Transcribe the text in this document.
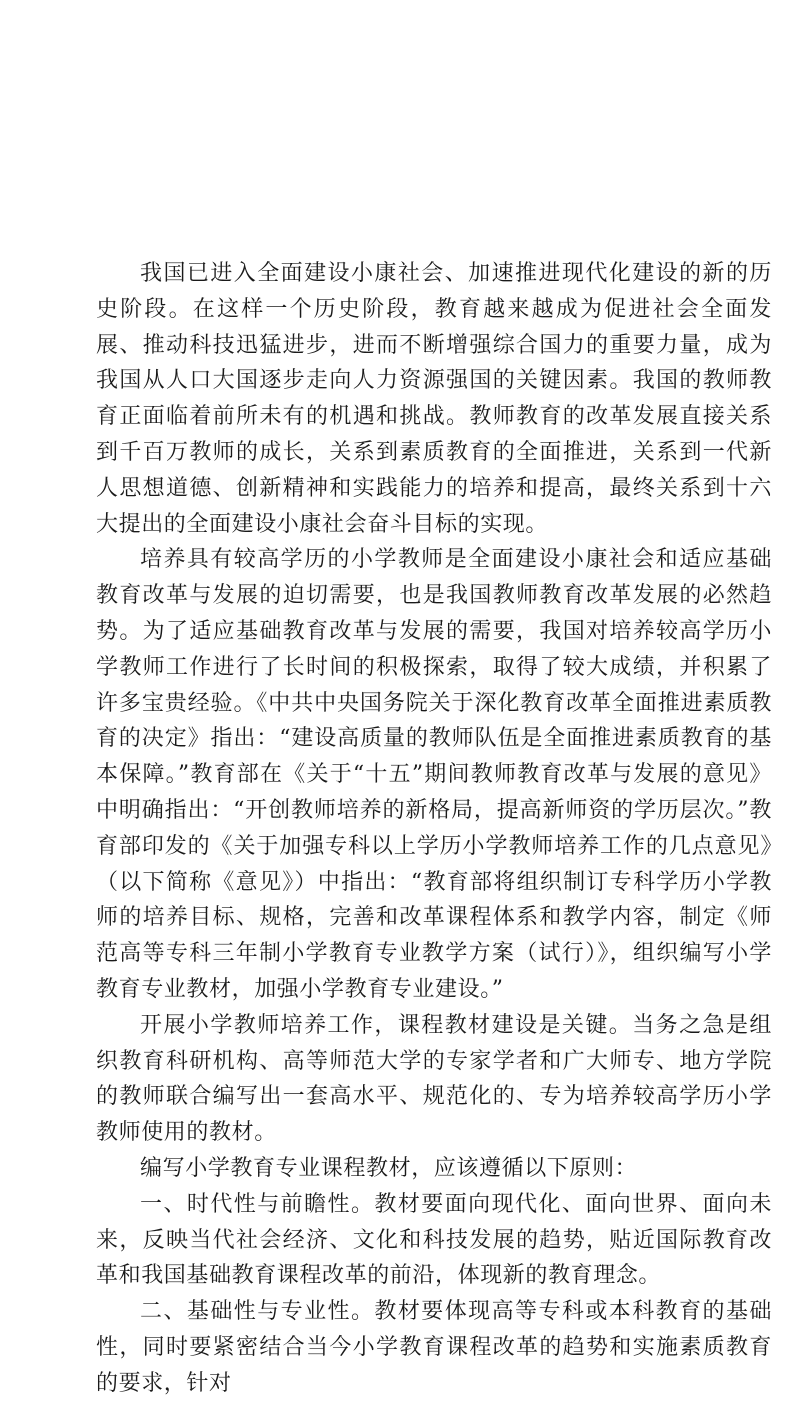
我国已进入全面建设小康社会、加速推进现代化建设的新的历史阶段。在这样一个历史阶段，教育越来越成为促进社会全面发展、推动科技迅猛进步，进而不断增强综合国力的重要力量，成为我国从人口大国逐步走向人力资源强国的关键因素。我国的教师教育正面临着前所未有的机遇和挑战。教师教育的改革发展直接关系到千百万教师的成长，关系到素质教育的全面推进，关系到一代新人思想道德、创新精神和实践能力的培养和提高，最终关系到十六大提出的全面建设小康社会奋斗目标的实现。

培养具有较高学历的小学教师是全面建设小康社会和适应基础教育改革与发展的迫切需要，也是我国教师教育改革发展的必然趋势。为了适应基础教育改革与发展的需要，我国对培养较高学历小学教师工作进行了长时间的积极探索，取得了较大成绩，并积累了许多宝贵经验。《中共中央国务院关于深化教育改革全面推进素质教育的决定》指出：“建设高质量的教师队伍是全面推进素质教育的基本保障。”教育部在《关于“十五”期间教师教育改革与发展的意见》中明确指出：“开创教师培养的新格局，提高新师资的学历层次。”教育部印发的《关于加强专科以上学历小学教师培养工作的几点意见》（以下简称《意见》）中指出：“教育部将组织制订专科学历小学教师的培养目标、规格，完善和改革课程体系和教学内容，制定《师范高等专科三年制小学教育专业教学方案（试行）》，组织编写小学教育专业教材，加强小学教育专业建设。”

开展小学教师培养工作，课程教材建设是关键。当务之急是组织教育科研机构、高等师范大学的专家学者和广大师专、地方学院的教师联合编写出一套高水平、规范化的、专为培养较高学历小学教师使用的教材。

编写小学教育专业课程教材，应该遵循以下原则：

一、时代性与前瞻性。教材要面向现代化、面向世界、面向未来，反映当代社会经济、文化和科技发展的趋势，贴近国际教育改革和我国基础教育课程改革的前沿，体现新的教育理念。

二、基础性与专业性。教材要体现高等专科或本科教育的基础性，同时要紧密结合当今小学教育课程改革的趋势和实施素质教育的要求，针对
